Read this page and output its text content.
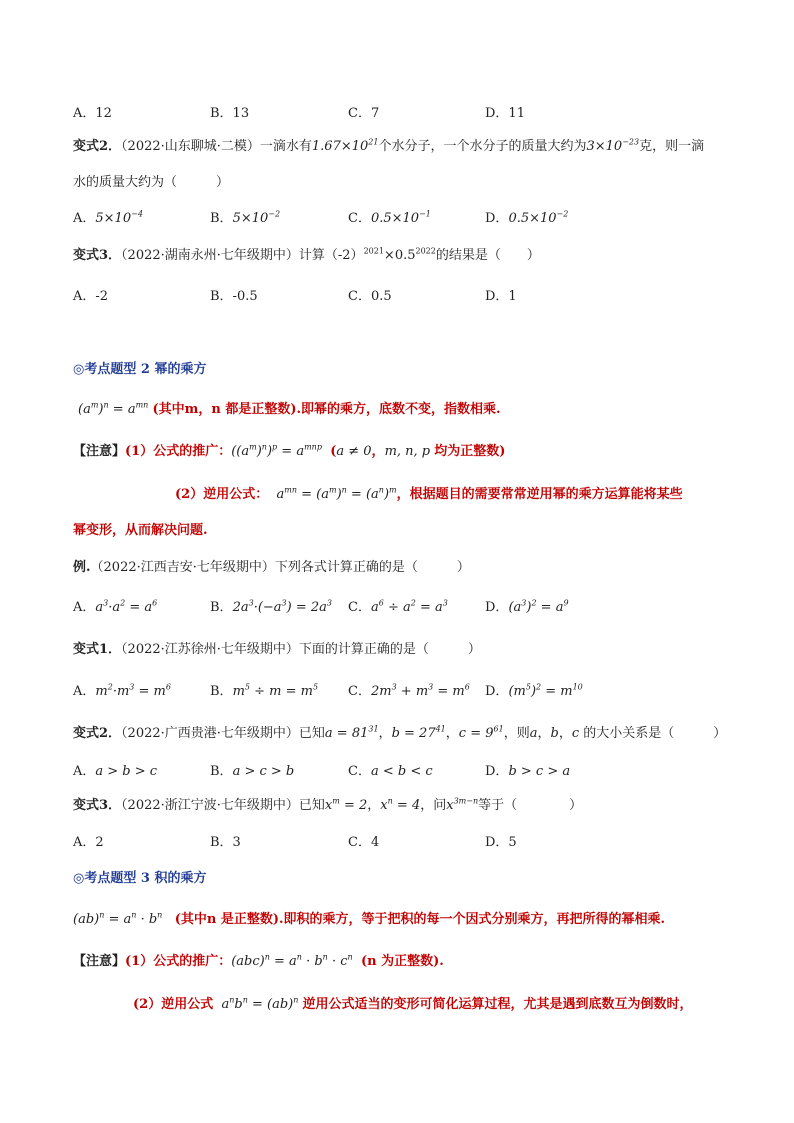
A．12	B．13	C．7	D．11
变式2．（2022·山东聊城·二模）一滴水有$1.67\times 10^{21}$个水分子，一个水分子的质量大约为$3\times 10^{-23}$克，则一滴
水的质量大约为（　　　）
A．$5\times 10^{-4}$	B．$5\times 10^{-2}$	C．$0.5\times 10^{-1}$	D．$0.5\times 10^{-2}$
变式3．（2022·湖南永州·七年级期中）计算$(-2)^{2021}\times 0.5^{2022}$的结果是（　　）
A．-2	B．-0.5	C．0.5	D．1
◎考点题型 2 幂的乘方
$(a^m)^n = a^{mn}$ (其中m，n 都是正整数).即幂的乘方，底数不变，指数相乘.
【注意】(1）公式的推广：$((a^m)^n)^p = a^{mnp}$ (a ≠ 0，m, n, p 均为正整数)
(2）逆用公式： $a^{mn} = (a^m)^n = (a^n)^m$，根据题目的需要常常逆用幂的乘方运算能将某些
幂变形，从而解决问题.
例.（2022·江西吉安·七年级期中）下列各式计算正确的是（　　　）
A．$a^3\cdot a^2 = a^6$	B．$2a^3\cdot(-a^3) = 2a^3$ C．$a^6 \div a^2 = a^3$	D．$(a^3)^2 = a^9$
变式1．（2022·江苏徐州·七年级期中）下面的计算正确的是（　　　）
A．$m^2\cdot m^3 = m^6$	B．$m^5 \div m = m^5$ C．$2m^3 + m^3 = m^6$ D．$(m^5)^2 = m^{10}$
变式2．（2022·广西贵港·七年级期中）已知$a = 81^{31}$，$b = 27^{41}$，$c = 9^{61}$，则a，b，c 的大小关系是（　　　）
A．a > b > c	B．a > c > b	C．a < b < c	D．b > c > a
变式3．（2022·浙江宁波·七年级期中）已知$x^m = 2$，$x^n = 4$，问$x^{3m-n}$等于（　　　　）
A．2	B．3	C．4	D．5
◎考点题型 3 积的乘方
$(ab)^n = a^n \cdot b^n$ (其中n 是正整数).即积的乘方，等于把积的每一个因式分别乘方，再把所得的幂相乘.
【注意】(1）公式的推广：$(abc)^n = a^n \cdot b^n \cdot c^n$ (n 为正整数).
(2）逆用公式 $a^nb^n = (ab)^n$ 逆用公式适当的变形可简化运算过程，尤其是遇到底数互为倒数时，
